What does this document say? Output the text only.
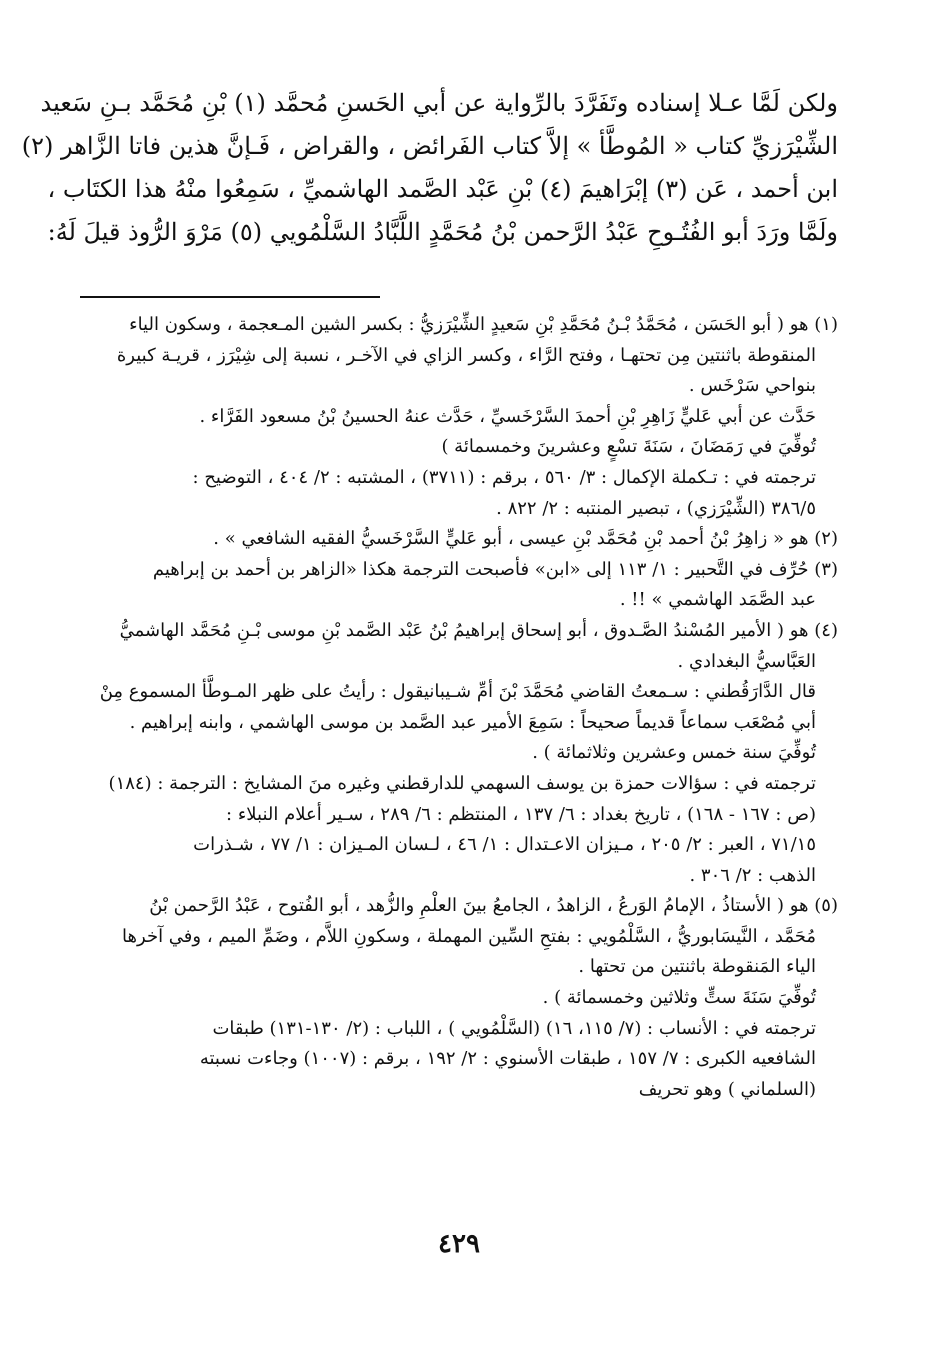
ولكن لَمَّا عـلا إسناده وتَفَرَّدَ بالرِّواية عن أبي الحَسنِ مُحمَّد (١) بْنِ مُحَمَّد بـنِ سَعيد
الشِّيْرَزيِّ كتاب « المُوطَّأ » إلاَّ كتاب الفَرائض ، والقراض ، فَـإنَّ هذين فاتا الزَّاهر (٢)
ابن أحمد ، عَن (٣) إبْرَاهيمَ (٤) بْنِ عَبْد الصَّمد الهاشميِّ ، سَمِعُوا منْهُ هذا الكتَاب ،
ولَمَّا ورَدَ أبو الفُتُـوحِ عَبْدُ الرَّحمن بْنُ مُحَمَّدٍ اللَّبَّادُ السَّلْمُويي (٥) مَرْوَ الرُّوذ قيلَ لَهُ:
(١) هو ( أبو الحَسَن ، مُحَمَّدُ بْـنُ مُحَمَّدِ بْنِ سَعيدٍ الشِّيْرَزيُّ : بكسر الشين المـعجمة ، وسكون الياء
المنقوطة باثنتين مِن تحتهـا ، وفتح الرَّاء ، وكسر الزاي في الآخـر ، نسبة إلى شِيْرَز ، قريـة كبيرة
بنواحي سَرْخَس .
حَدَّث عن أبي عَليٍّ زَاهِرِ بْنِ أحمدَ السَّرْخَسيِّ ، حَدَّث عنهُ الحسينُ بْنُ مسعود الفَرَّاء .
تُوفِّيَ في رَمَضَانَ ، سَنَةَ تسْعٍ وعشرينَ وخمسمائة )
ترجمته في : تـكملة الإكمال : ٣/ ٥٦٠ ، برقم : (٣٧١١) ، المشتبه : ٢/ ٤٠٤ ، التوضيح :
٣٨٦/٥ (الشِّيْرَزي) ، تبصير المنتبه : ٢/ ٨٢٢ .
(٢) هو « زاهِرُ بْنُ أحمد بْنِ مُحَمَّد بْنِ عيسى ، أبو عَليٍّ السَّرْخَسيُّ الفقيه الشافعي » .
(٣) حُرِّف في التَّحبير : ١/ ١١٣ إلى «ابن» فأصبحت الترجمة هكذا «الزاهر بن أحمد بن إبراهيم
عبد الصَّمَد الهاشمي » !! .
(٤) هو ( الأمير المُسْندُ الصَّـدوق ، أبو إسحاق إبراهيمُ بْنُ عَبْد الصَّمد بْنِ موسى بْـنِ مُحَمَّد الهاشميُّ
العَبَّاسيُّ البغدادي .
قال الدَّارَقُطني : سـمعتُ القاضي مُحَمَّدَ بْنَ أمِّ شـيبانيقول : رأيتُ على ظهر المـوطَّأ المسموع مِنْ
أبي مُصْعَب سماعاً قديماً صحيحاً : سَمِعَ الأمير عبد الصَّمد بن موسى الهاشمي ، وابنه إبراهيم .
تُوفِّيَ سنة خمس وعشرين وثلاثمائة ) .
ترجمته في : سؤالات حمزة بن يوسف السهمي للدارقطني وغيره منَ المشايخ : الترجمة : (١٨٤)
(ص : ١٦٧ - ١٦٨) ، تاريخ بغداد : ٦/ ١٣٧ ، المنتظم : ٦/ ٢٨٩ ، سـير أعلام النبلاء :
٧١/١٥ ، العبر : ٢/ ٢٠٥ ، مـيزان الاعـتدال : ١/ ٤٦ ، لـسان المـيزان : ١/ ٧٧ ، شـذرات
الذهب : ٢/ ٣٠٦ .
(٥) هو ( الأستاذُ ، الإمامُ الوَرعُ ، الزاهدُ ، الجامعُ بينَ العلْمِ والزُّهد ، أبو الفُتوح ، عَبْدُ الرَّحمن بْنُ
مُحَمَّد ، النَّيسَابوريُّ ، السَّلْمُويي : بفتحِ السِّين المهملة ، وسكونِ اللاَّم ، وضَمِّ الميم ، وفي آخرها
الياء المَنقوطة باثنتين من تحتها .
تُوفِّيَ سَنَةَ ستٍّ وثلاثين وخمسمائة ) .
ترجمته في : الأنساب : (٧/ ١١٥، ١٦) (السَّلْمُويي ) ، اللباب : (٢/ ١٣٠-١٣١) طبقات
الشافعيه الكبرى : ٧/ ١٥٧ ، طبقات الأسنوي : ٢/ ١٩٢ ، برقم : (١٠٠٧) وجاءت نسبته
(السلماني ) وهو تحريف
٤٢٩
